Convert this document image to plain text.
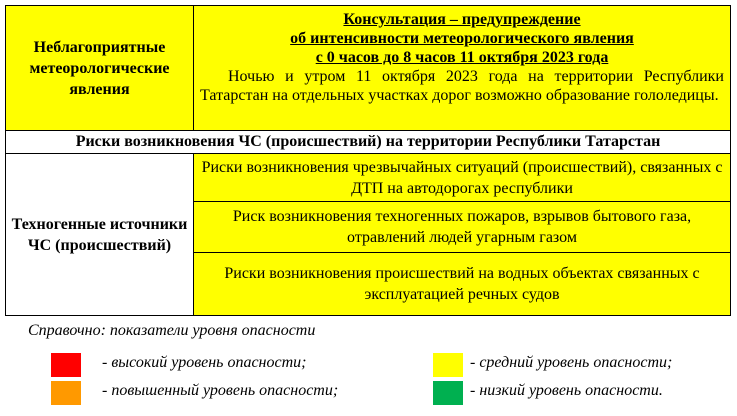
Неблагоприятные метеорологические явления	Консультация – предупреждение
об интенсивности метеорологического явления
с 0 часов до 8 часов 11 октября 2023 года
Ночью и утром 11 октября 2023 года на территории Республики Татарстан на отдельных участках дорог возможно образование гололедицы.

Риски возникновения ЧС (происшествий) на территории Республики Татарстан	
Техногенные источники ЧС (происшествий)	Риски возникновения чрезвычайных ситуаций (происшествий), связанных с ДТП на автодорогах республики
	Риск возникновения техногенных пожаров, взрывов бытового газа, отравлений людей угарным газом
	Риски возникновения происшествий на водных объектах связанных с эксплуатацией речных судов
Справочно: показатели уровня опасности
- высокий уровень опасности;
- повышенный уровень опасности;
- средний уровень опасности;
- низкий уровень опасности.
